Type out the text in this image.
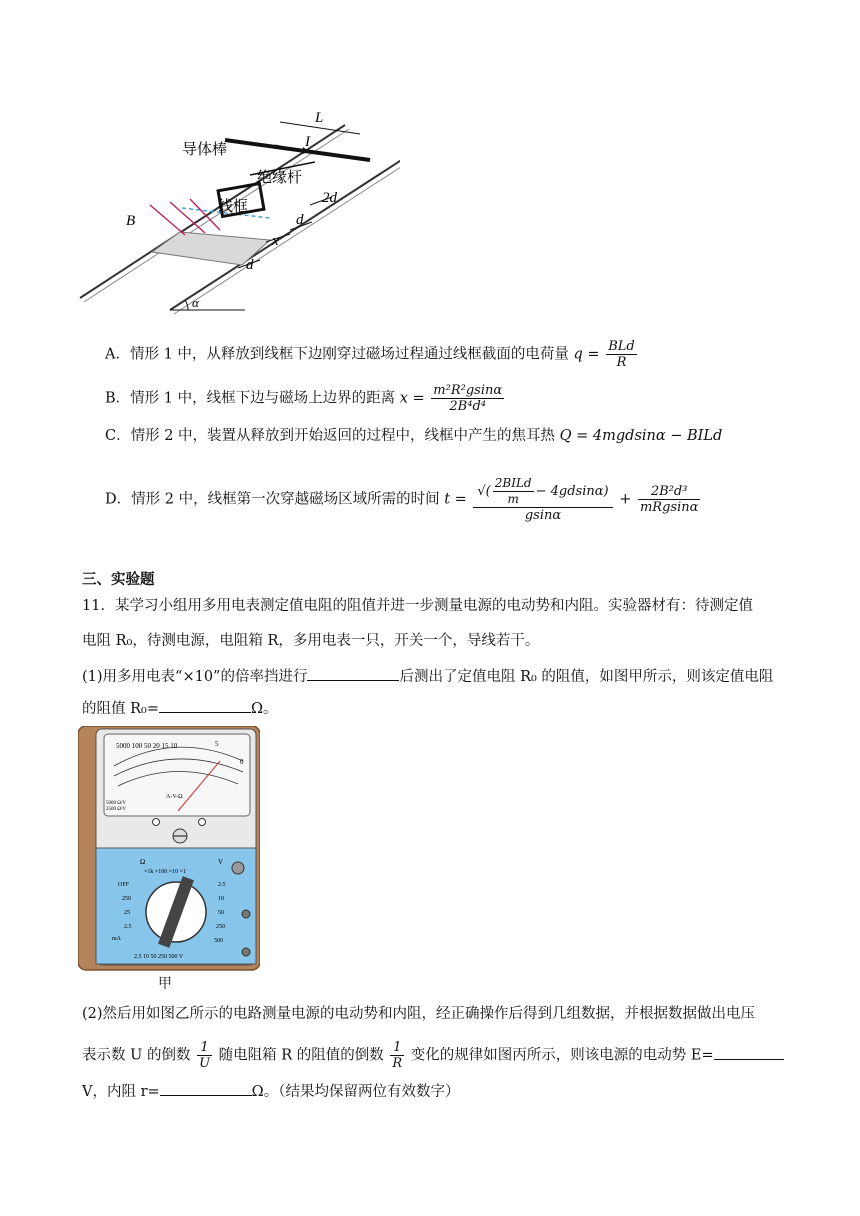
导体棒
绝缘杆
线框
B
L
I
2d
d
x
d
α
A．情形 1 中，从释放到线框下边刚穿过磁场过程通过线框截面的电荷量 $q = \frac{\text{BLd}}{R}$
B．情形 1 中，线框下边与磁场上边界的距离 $x = \frac{\text{m²R²gsinα}}{\text{2B⁴d⁴}}$
C．情形 2 中，装置从释放到开始返回的过程中，线框中产生的焦耳热 Q = 4mgdsinα − BILd
D．情形 2 中，线框第一次穿越磁场区域所需的时间 $t = \frac{√( \frac{\text{2BILd}}{m} - 4gdsin\alpha)}{gsin\alpha} + \frac{\text{2B²d³}}{\text{mRgsinα}}$
三、实验题
11．某学习小组用多用电表测定值电阻的阻值并进一步测量电源的电动势和内阻。实验器材有：待测定值
电阻 R₀，待测电源，电阻箱 R，多用电表一只，开关一个，导线若干。
(1)用多用电表“×10”的倍率挡进行	后测出了定值电阻 R₀ 的阻值，如图甲所示，则该定值电阻
的阻值 R₀=	Ω。
5000 100 50 20 15 10	5
0
A-V-Ω
5000 Ω/V
2500 Ω/V
Ω
×1k ×100 ×10 ×1
V
OFF
250
25
2.5
mA
2.5
10
50
250
500
2.5 10 50 250 500 V
甲
(2)然后用如图乙所示的电路测量电源的电动势和内阻，经正确操作后得到几组数据，并根据数据做出电压
表示数 U 的倒数 $\frac{1}{U}$ 随电阻箱 R 的阻值的倒数 $\frac{1}{R}$ 变化的规律如图丙所示，则该电源的电动势 E=
V，内阻 r=	Ω。（结果均保留两位有效数字）
